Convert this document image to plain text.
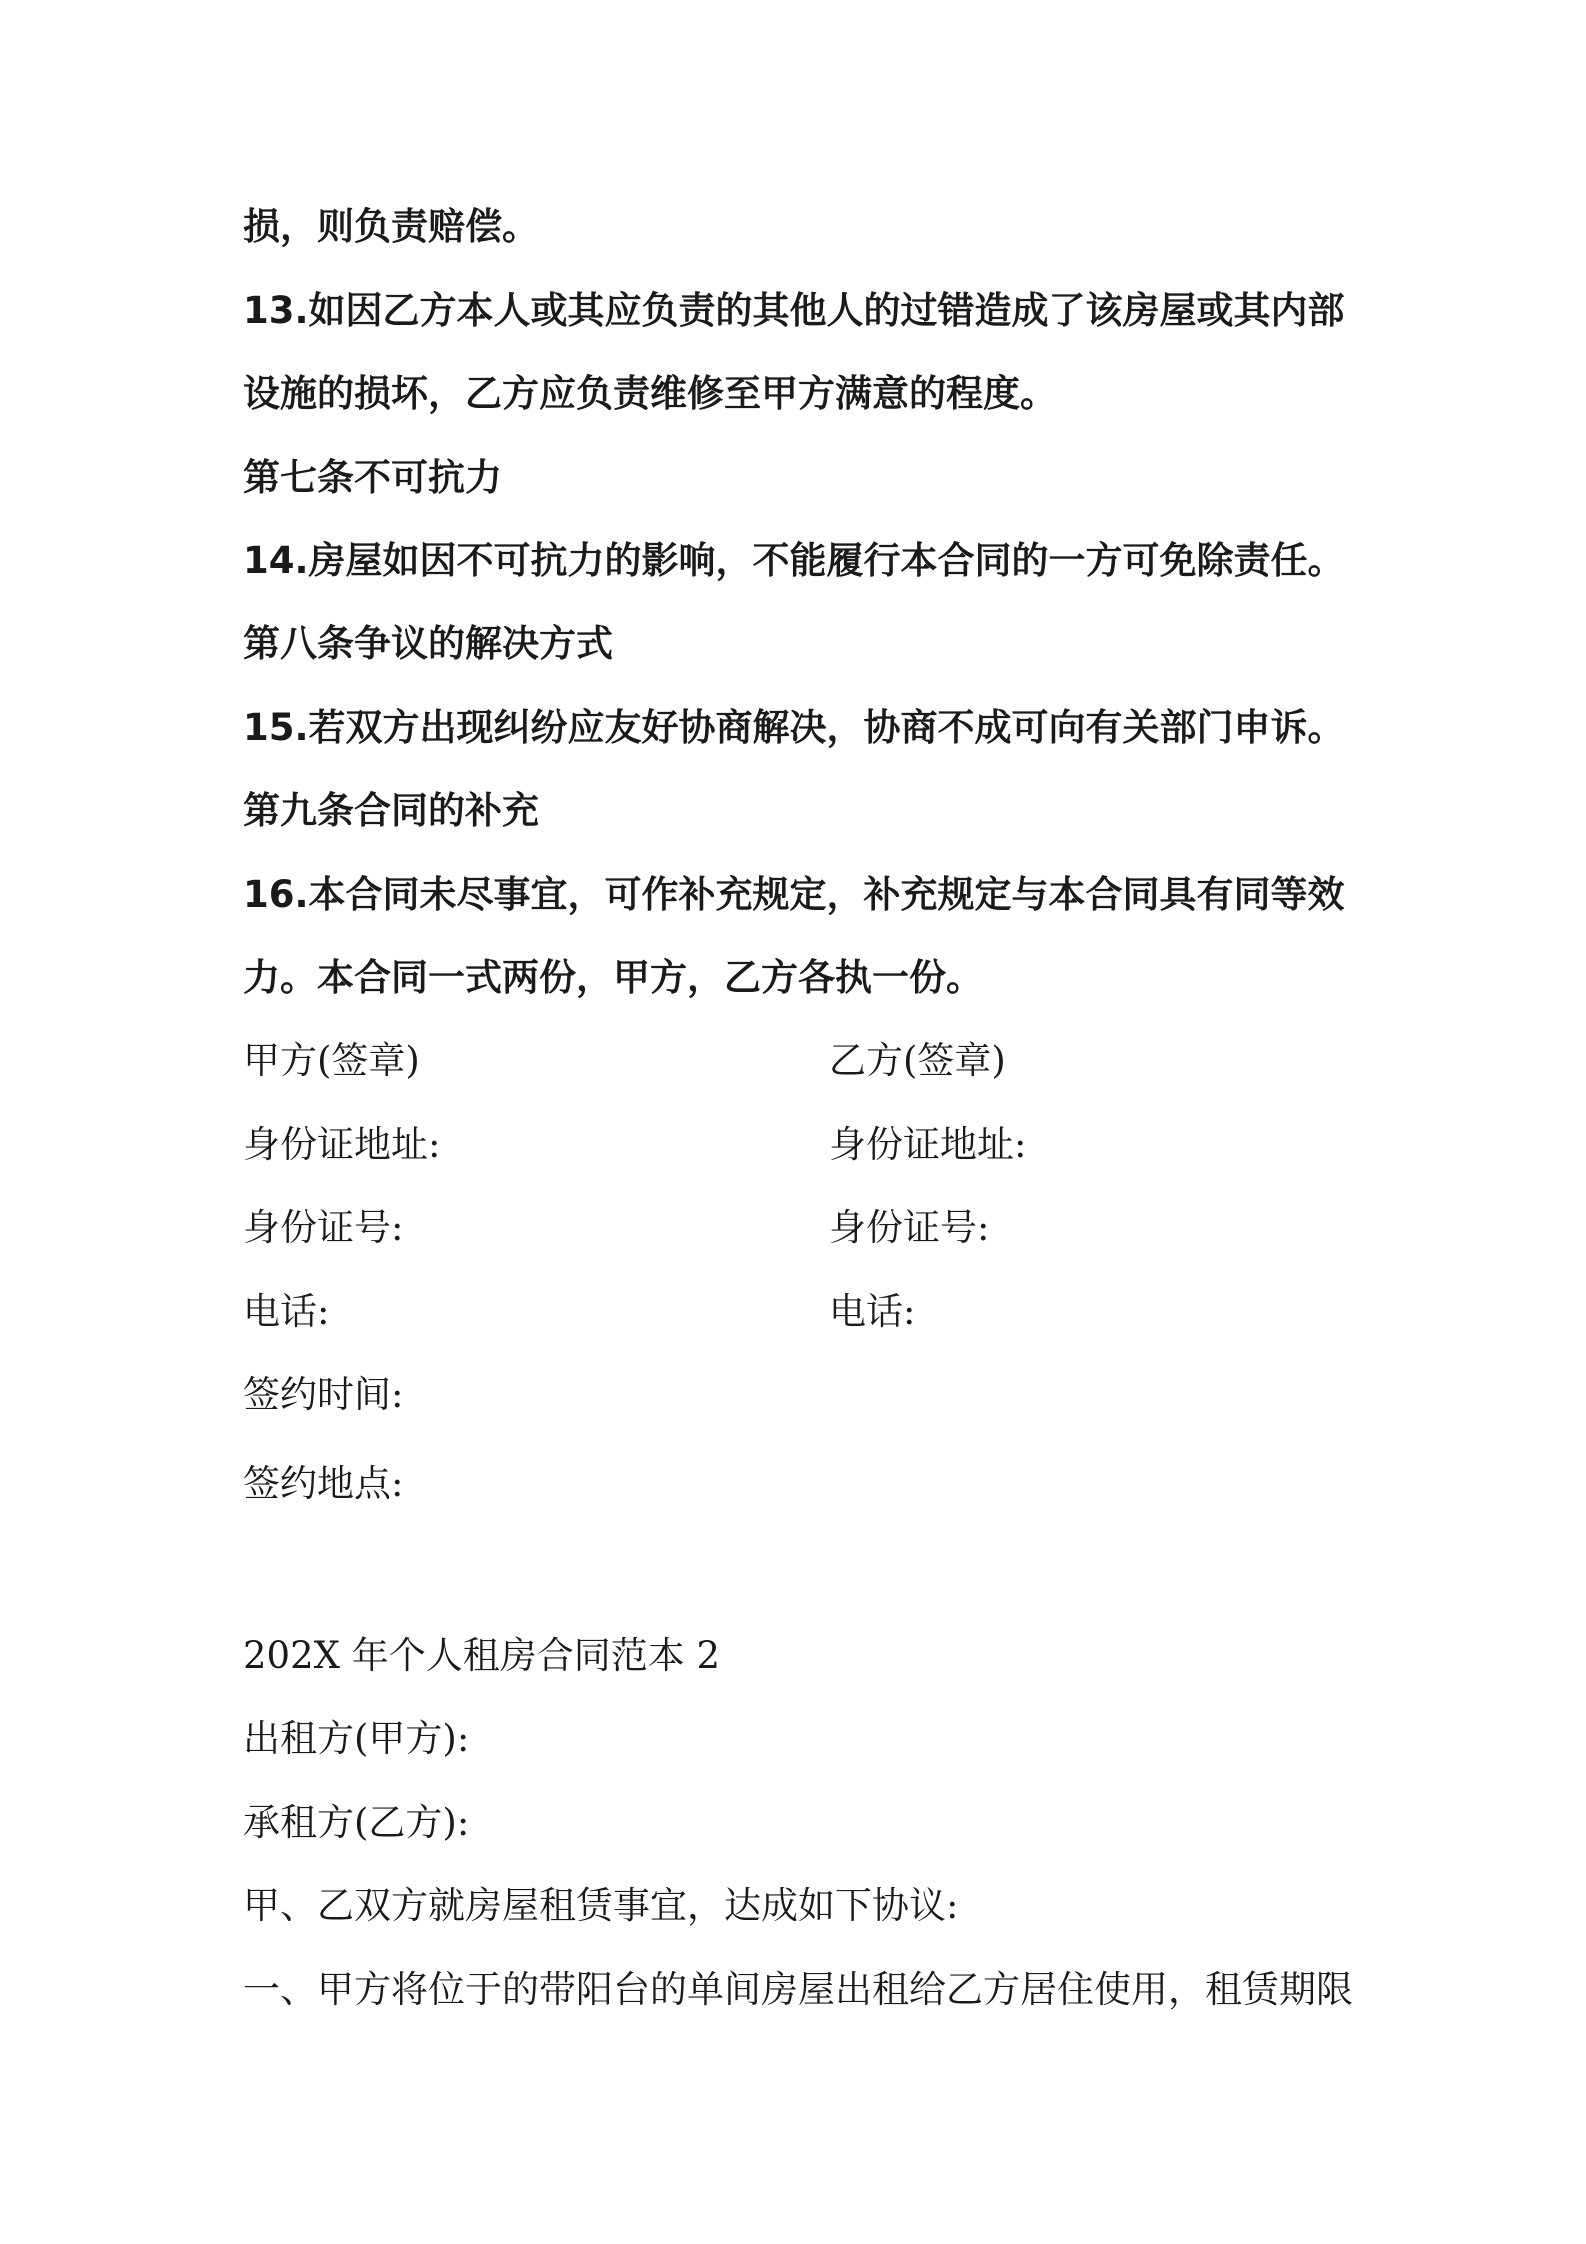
损，则负责赔偿。
13.如因乙方本人或其应负责的其他人的过错造成了该房屋或其内部
设施的损坏，乙方应负责维修至甲方满意的程度。
第七条不可抗力
14.房屋如因不可抗力的影响，不能履行本合同的一方可免除责任。
第八条争议的解决方式
15.若双方出现纠纷应友好协商解决，协商不成可向有关部门申诉。
第九条合同的补充
16.本合同未尽事宜，可作补充规定，补充规定与本合同具有同等效
力。本合同一式两份，甲方，乙方各执一份。
甲方(签章)	乙方(签章)
身份证地址:	身份证地址:
身份证号:	身份证号:
电话:	电话:
签约时间:
签约地点:
202X 年个人租房合同范本 2
出租方(甲方):
承租方(乙方):
甲、乙双方就房屋租赁事宜，达成如下协议:
一、甲方将位于的带阳台的单间房屋出租给乙方居住使用，租赁期限
